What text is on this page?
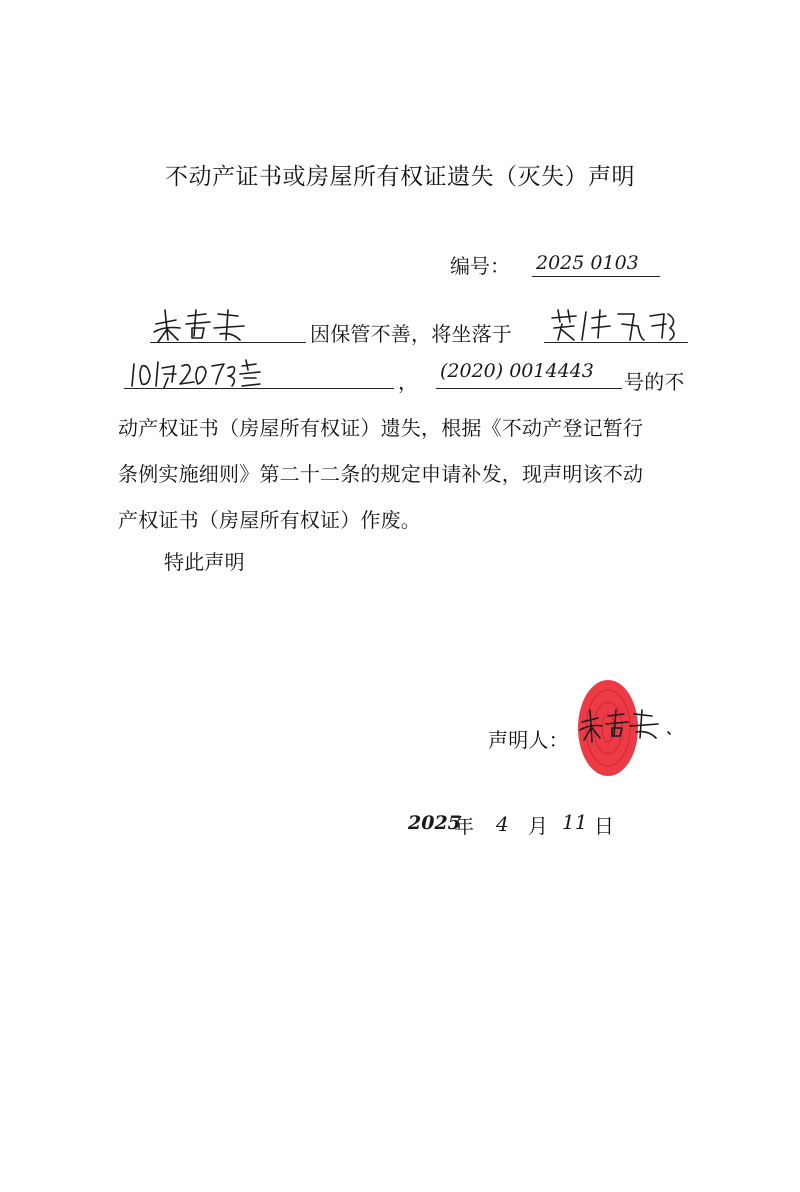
不动产证书或房屋所有权证遗失（灭失）声明
编号： 2025 0103
因保管不善，将坐落于
， (2020) 0014443 号的不
动产权证书（房屋所有权证）遗失，根据《不动产登记暂行
条例实施细则》第二十二条的规定申请补发，现声明该不动
产权证书（房屋所有权证）作废。
特此声明
声明人：
2025
年 4 月 11 日
